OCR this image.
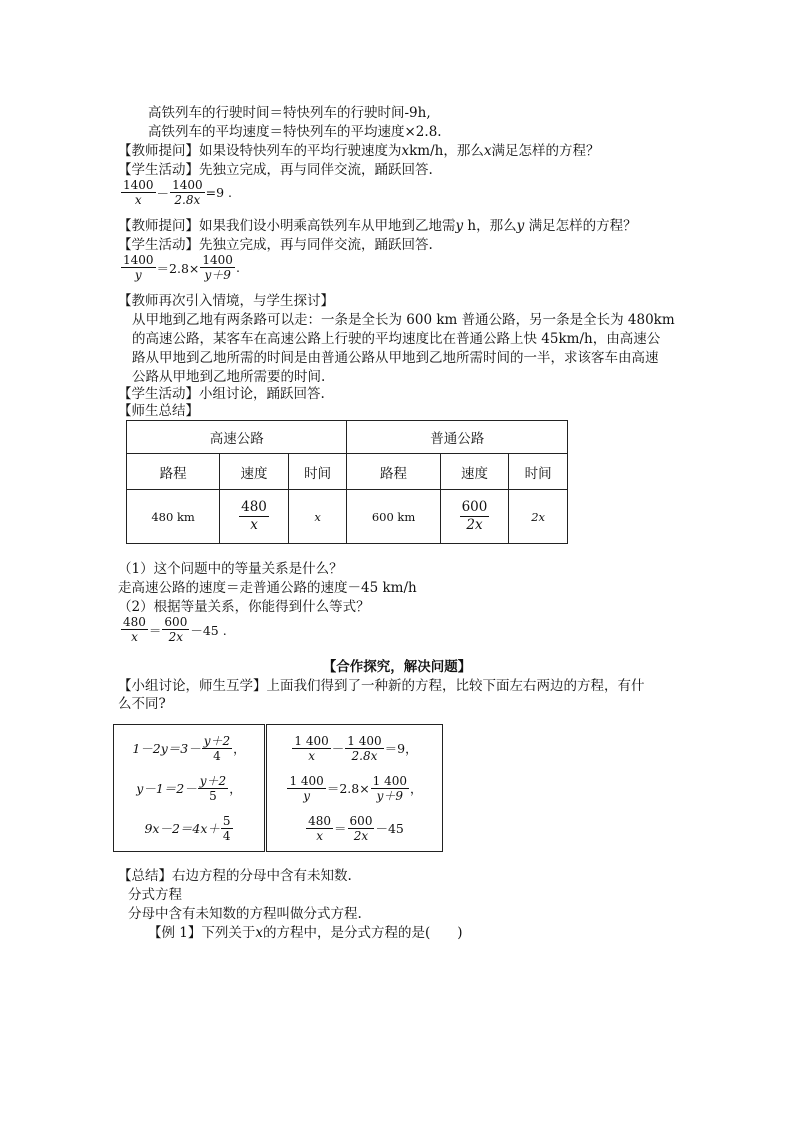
高铁列车的行驶时间＝特快列车的行驶时间-9h,
高铁列车的平均速度＝特快列车的平均速度×2.8.
【教师提问】如果设特快列车的平均行驶速度为xkm/h，那么x满足怎样的方程？
【学生活动】先独立完成，再与同伴交流，踊跃回答.
$\frac{1400}{x} - \frac{1400}{2.8x} =9$ .
【教师提问】如果我们设小明乘高铁列车从甲地到乙地需y h，那么y 满足怎样的方程？
【学生活动】先独立完成，再与同伴交流，踊跃回答.
$\frac{1400}{y} =2.8\times \frac{1400}{y+9}$ .
【教师再次引入情境，与学生探讨】
从甲地到乙地有两条路可以走：一条是全长为 600 km 普通公路，另一条是全长为 480km
的高速公路，某客车在高速公路上行驶的平均速度比在普通公路上快 45km/h，由高速公
路从甲地到乙地所需的时间是由普通公路从甲地到乙地所需时间的一半，求该客车由高速
公路从甲地到乙地所需要的时间.
【学生活动】小组讨论，踊跃回答.
【师生总结】
高速公路			普通公路		
路程	速度	时间	路程	速度	时间
480 km	$\frac{480}{x}$	x	600 km	$\frac{600}{2x}$	2x
（1）这个问题中的等量关系是什么？
走高速公路的速度＝走普通公路的速度－45 km/h
（2）根据等量关系，你能得到什么等式？
$\frac{480}{x} = \frac{600}{2x} -45$ .
【合作探究，解决问题】
【小组讨论，师生互学】上面我们得到了一种新的方程，比较下面左右两边的方程，有什
么不同?
$1-2y=3- \frac{y+2}{4}$ ，
$y-1=2- \frac{y+2}{5}$ ，
$9x-2=4x+ \frac{5}{4}$

$\frac{1 400}{x} - \frac{1 400}{2.8x} =9$，
$\frac{1 400}{y} =2.8\times \frac{1 400}{y+9}$ ，
$\frac{480}{x} = \frac{600}{2x} -45$
【总结】右边方程的分母中含有未知数.
分式方程
分母中含有未知数的方程叫做分式方程.
【例 1】下列关于x的方程中，是分式方程的是(　　)
